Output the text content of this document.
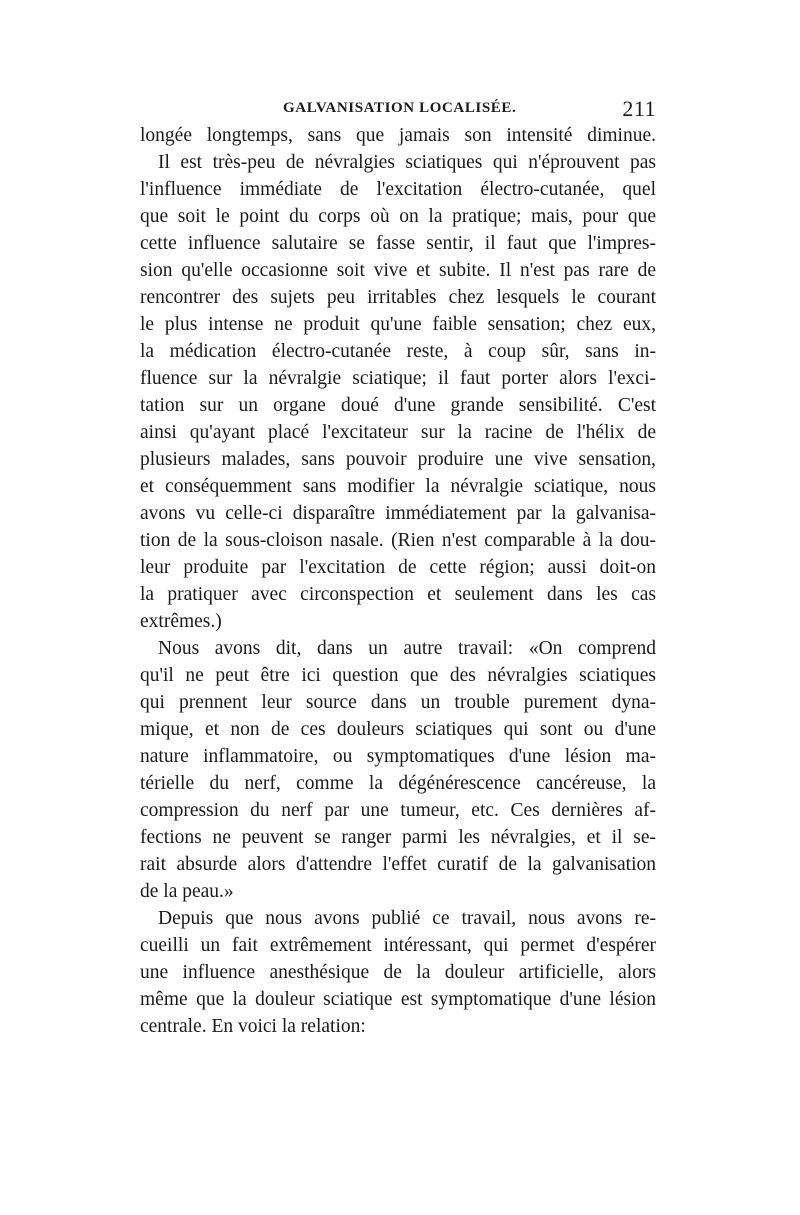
GALVANISATION LOCALISÉE.	211
longée longtemps, sans que jamais son intensité diminue.
Il est très-peu de névralgies sciatiques qui n'éprouvent pas
l'influence immédiate de l'excitation électro-cutanée, quel
que soit le point du corps où on la pratique; mais, pour que
cette influence salutaire se fasse sentir, il faut que l'impres-
sion qu'elle occasionne soit vive et subite. Il n'est pas rare de
rencontrer des sujets peu irritables chez lesquels le courant
le plus intense ne produit qu'une faible sensation; chez eux,
la médication électro-cutanée reste, à coup sûr, sans in-
fluence sur la névralgie sciatique; il faut porter alors l'exci-
tation sur un organe doué d'une grande sensibilité. C'est
ainsi qu'ayant placé l'excitateur sur la racine de l'hélix de
plusieurs malades, sans pouvoir produire une vive sensation,
et conséquemment sans modifier la névralgie sciatique, nous
avons vu celle-ci disparaître immédiatement par la galvanisa-
tion de la sous-cloison nasale. (Rien n'est comparable à la dou-
leur produite par l'excitation de cette région; aussi doit-on
la pratiquer avec circonspection et seulement dans les cas
extrêmes.)
Nous avons dit, dans un autre travail: «On comprend
qu'il ne peut être ici question que des névralgies sciatiques
qui prennent leur source dans un trouble purement dyna-
mique, et non de ces douleurs sciatiques qui sont ou d'une
nature inflammatoire, ou symptomatiques d'une lésion ma-
térielle du nerf, comme la dégénérescence cancéreuse, la
compression du nerf par une tumeur, etc. Ces dernières af-
fections ne peuvent se ranger parmi les névralgies, et il se-
rait absurde alors d'attendre l'effet curatif de la galvanisation
de la peau.»
Depuis que nous avons publié ce travail, nous avons re-
cueilli un fait extrêmement intéressant, qui permet d'espérer
une influence anesthésique de la douleur artificielle, alors
même que la douleur sciatique est symptomatique d'une lésion
centrale. En voici la relation:
